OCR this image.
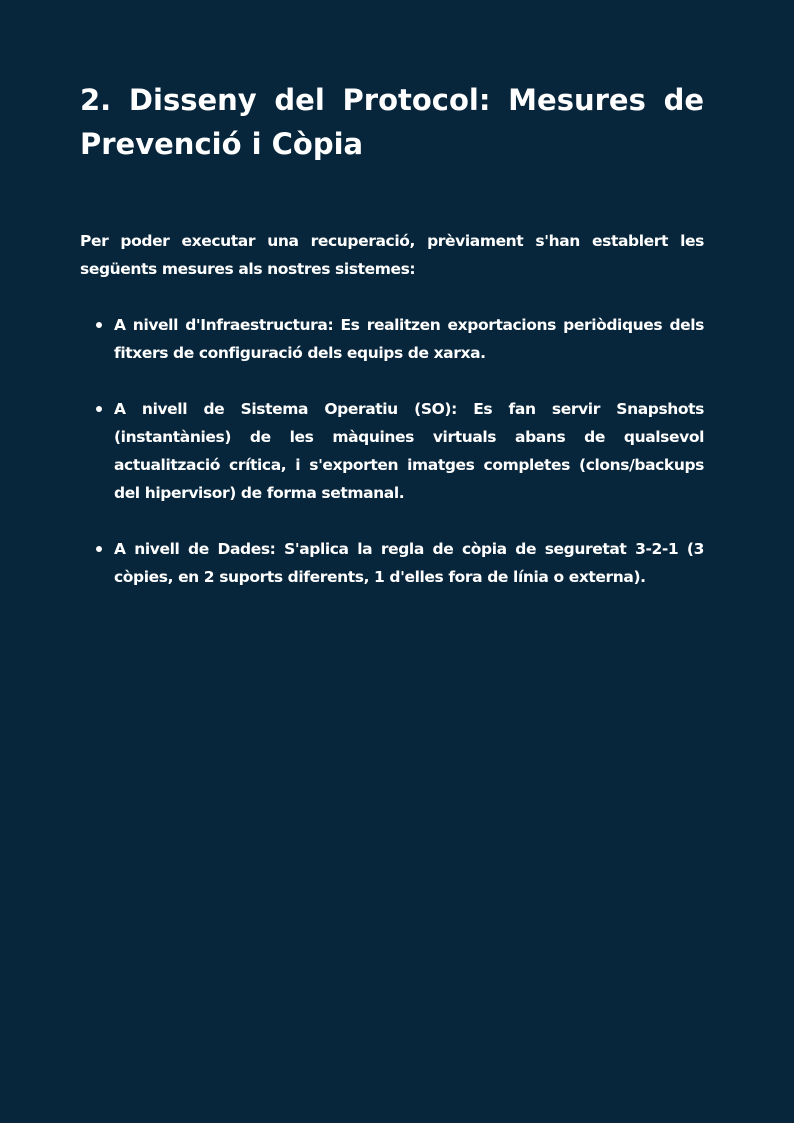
2. Disseny del Protocol: Mesures de Prevenció i Còpia

Per poder executar una recuperació, prèviament s'han establert les següents mesures als nostres sistemes:

A nivell d'Infraestructura: Es realitzen exportacions periòdiques dels fitxers de configuració dels equips de xarxa.
A nivell de Sistema Operatiu (SO): Es fan servir Snapshots (instantànies) de les màquines virtuals abans de qualsevol actualització crítica, i s'exporten imatges completes (clons/backups del hipervisor) de forma setmanal.
A nivell de Dades: S'aplica la regla de còpia de seguretat 3-2-1 (3 còpies, en 2 suports diferents, 1 d'elles fora de línia o externa).
